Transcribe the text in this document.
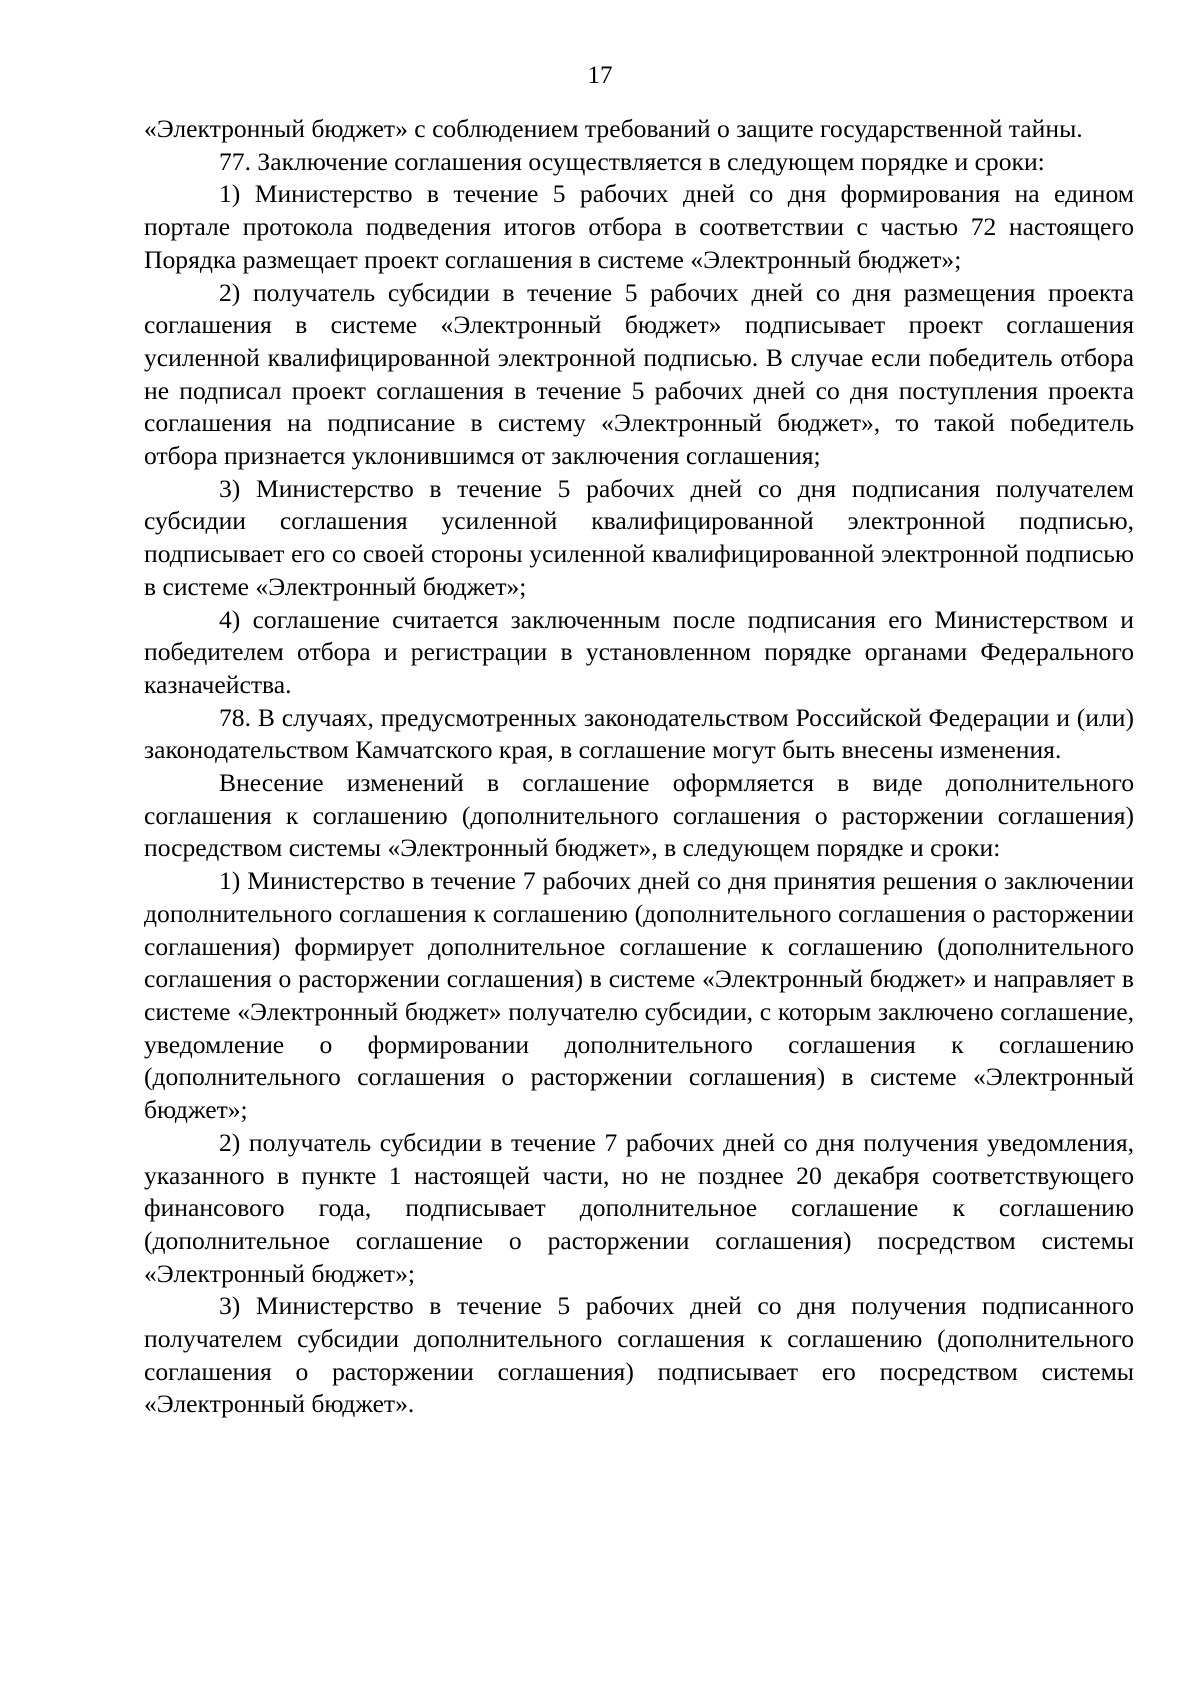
17

«Электронный бюджет» с соблюдением требований о защите государственной тайны.

77. Заключение соглашения осуществляется в следующем порядке и сроки:

1) Министерство в течение 5 рабочих дней со дня формирования на едином портале протокола подведения итогов отбора в соответствии с частью 72 настоящего Порядка размещает проект соглашения в системе «Электронный бюджет»;

2) получатель субсидии в течение 5 рабочих дней со дня размещения проекта соглашения в системе «Электронный бюджет» подписывает проект соглашения усиленной квалифицированной электронной подписью. В случае если победитель отбора не подписал проект соглашения в течение 5 рабочих дней со дня поступления проекта соглашения на подписание в систему «Электронный бюджет», то такой победитель отбора признается уклонившимся от заключения соглашения;

3) Министерство в течение 5 рабочих дней со дня подписания получателем субсидии соглашения усиленной квалифицированной электронной подписью, подписывает его со своей стороны усиленной квалифицированной электронной подписью в системе «Электронный бюджет»;

4) соглашение считается заключенным после подписания его Министерством и победителем отбора и регистрации в установленном порядке органами Федерального казначейства.

78. В случаях, предусмотренных законодательством Российской Федерации и (или) законодательством Камчатского края, в соглашение могут быть внесены изменения.

Внесение изменений в соглашение оформляется в виде дополнительного соглашения к соглашению (дополнительного соглашения о расторжении соглашения) посредством системы «Электронный бюджет», в следующем порядке и сроки:

1) Министерство в течение 7 рабочих дней со дня принятия решения о заключении дополнительного соглашения к соглашению (дополнительного соглашения о расторжении соглашения) формирует дополнительное соглашение к соглашению (дополнительного соглашения о расторжении соглашения) в системе «Электронный бюджет» и направляет в системе «Электронный бюджет» получателю субсидии, с которым заключено соглашение, уведомление о формировании дополнительного соглашения к соглашению (дополнительного соглашения о расторжении соглашения) в системе «Электронный бюджет»;

2) получатель субсидии в течение 7 рабочих дней со дня получения уведомления, указанного в пункте 1 настоящей части, но не позднее 20 декабря соответствующего финансового года, подписывает дополнительное соглашение к соглашению (дополнительное соглашение о расторжении соглашения) посредством системы «Электронный бюджет»;

3) Министерство в течение 5 рабочих дней со дня получения подписанного получателем субсидии дополнительного соглашения к соглашению (дополнительного соглашения о расторжении соглашения) подписывает его посредством системы «Электронный бюджет».
